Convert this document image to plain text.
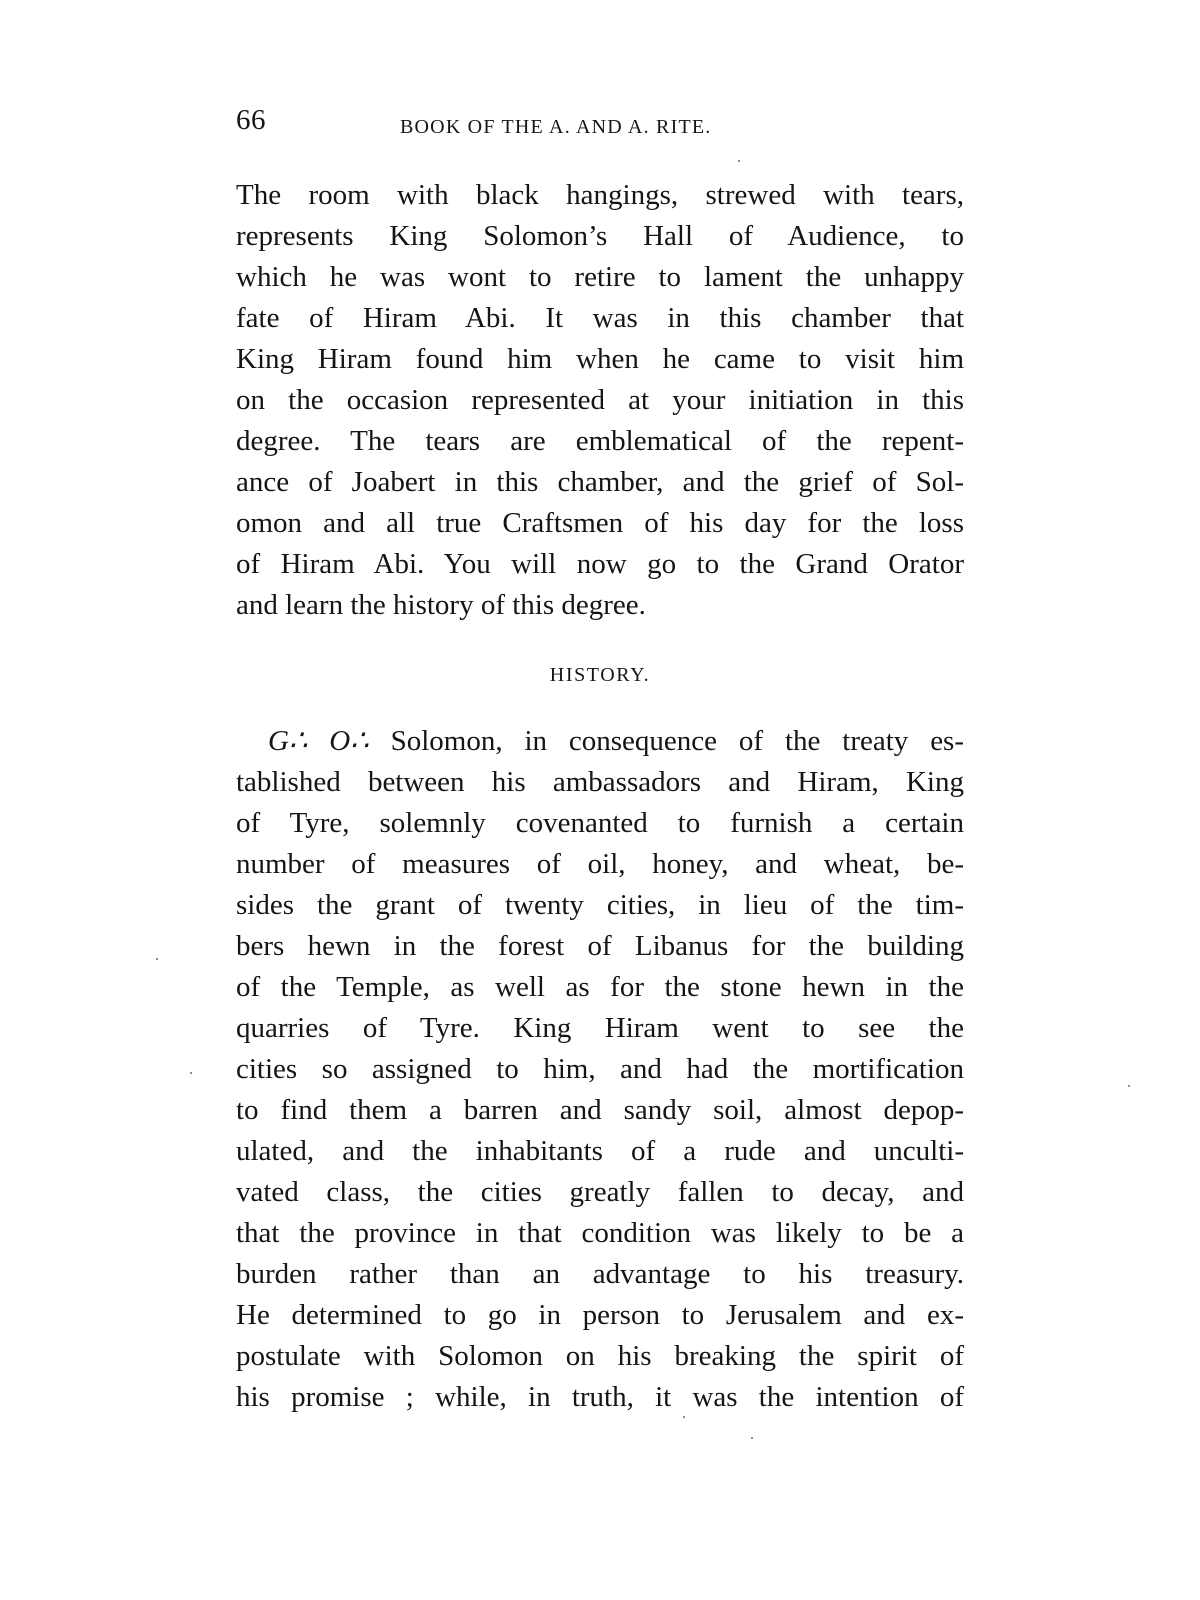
66	BOOK OF THE A. AND A. RITE.
The room with black hangings, strewed with tears,
represents King Solomon’s Hall of Audience, to
which he was wont to retire to lament the unhappy
fate of Hiram Abi. It was in this chamber that
King Hiram found him when he came to visit him
on the occasion represented at your initiation in this
degree. The tears are emblematical of the repent-
ance of Joabert in this chamber, and the grief of Sol-
omon and all true Craftsmen of his day for the loss
of Hiram Abi. You will now go to the Grand Orator
and learn the history of this degree.
HISTORY.
G∴ O∴ Solomon, in consequence of the treaty es-
tablished between his ambassadors and Hiram, King
of Tyre, solemnly covenanted to furnish a certain
number of measures of oil, honey, and wheat, be-
sides the grant of twenty cities, in lieu of the tim-
bers hewn in the forest of Libanus for the building
of the Temple, as well as for the stone hewn in the
quarries of Tyre. King Hiram went to see the
cities so assigned to him, and had the mortification
to find them a barren and sandy soil, almost depop-
ulated, and the inhabitants of a rude and unculti-
vated class, the cities greatly fallen to decay, and
that the province in that condition was likely to be a
burden rather than an advantage to his treasury.
He determined to go in person to Jerusalem and ex-
postulate with Solomon on his breaking the spirit of
his promise ; while, in truth, it was the intention of
